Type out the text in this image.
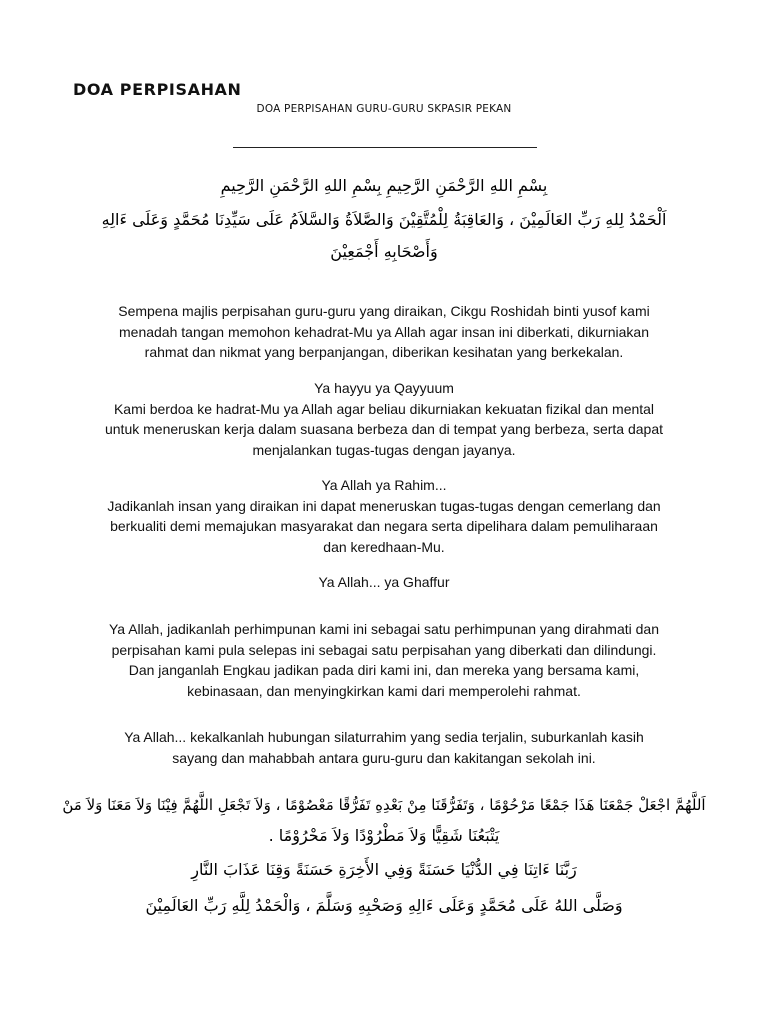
DOA PERPISAHAN

DOA PERPISAHAN GURU-GURU SKPASIR PEKAN

بِسْمِ اللهِ الرَّحْمَنِ الرَّحِيمِ بِسْمِ اللهِ الرَّحْمَنِ الرَّحِيمِ

اَلْحَمْدُ لِلهِ رَبِّ العَالَمِيْنَ ، وَالعَاقِبَةُ لِلْمُتَّقِيْنَ وَالصَّلاَةُ وَالسَّلاَمُ عَلَى سَيِّدِنَا مُحَمَّدٍ وَعَلَى ءَالِهِ

وَأَصْحَابِهِ أَجْمَعِيْنَ

Sempena majlis perpisahan guru-guru yang diraikan, Cikgu Roshidah binti yusof kami
menadah tangan memohon kehadrat-Mu ya Allah agar insan ini diberkati, dikurniakan
rahmat dan nikmat yang berpanjangan, diberikan kesihatan yang berkekalan.

Ya hayyu ya Qayyuum
Kami berdoa ke hadrat-Mu ya Allah agar beliau dikurniakan kekuatan fizikal dan mental
untuk meneruskan kerja dalam suasana berbeza dan di tempat yang berbeza, serta dapat
menjalankan tugas-tugas dengan jayanya.

Ya Allah ya Rahim...
Jadikanlah insan yang diraikan ini dapat meneruskan tugas-tugas dengan cemerlang dan
berkualiti demi memajukan masyarakat dan negara serta dipelihara dalam pemuliharaan
dan keredhaan-Mu.

Ya Allah... ya Ghaffur

Ya Allah, jadikanlah perhimpunan kami ini sebagai satu perhimpunan yang dirahmati dan
perpisahan kami pula selepas ini sebagai satu perpisahan yang diberkati dan dilindungi.
Dan janganlah Engkau jadikan pada diri kami ini, dan mereka yang bersama kami,
kebinasaan, dan menyingkirkan kami dari memperolehi rahmat.

Ya Allah... kekalkanlah hubungan silaturrahim yang sedia terjalin, suburkanlah kasih
sayang dan mahabbah antara guru-guru dan kakitangan sekolah ini.

اَللَّهُمَّ اجْعَلْ جَمْعَنَا هَذَا جَمْعًا مَرْحُوْمًا ، وَتَفَرُّقَنَا مِنْ بَعْدِهِ تَفَرُّقًا مَعْصُوْمًا ، وَلاَ تَجْعَلِ اللَّهُمَّ فِيْنَا وَلاَ مَعَنَا وَلاَ مَنْ

يَتْبَعُنَا شَقِيًّا وَلاَ مَطْرُوْدًا وَلاَ مَحْرُوْمًا .

رَبَّنَا ءَاتِنَا فِي الدُّنْيَا حَسَنَةً وَفِي الأَخِرَةِ حَسَنَةً وَقِنَا عَذَابَ النَّارِ

وَصَلَّى اللهُ عَلَى مُحَمَّدٍ وَعَلَى ءَالِهِ وَصَحْبِهِ وَسَلَّمَ ، وَالْحَمْدُ لِلَّهِ رَبِّ العَالَمِيْنَ
